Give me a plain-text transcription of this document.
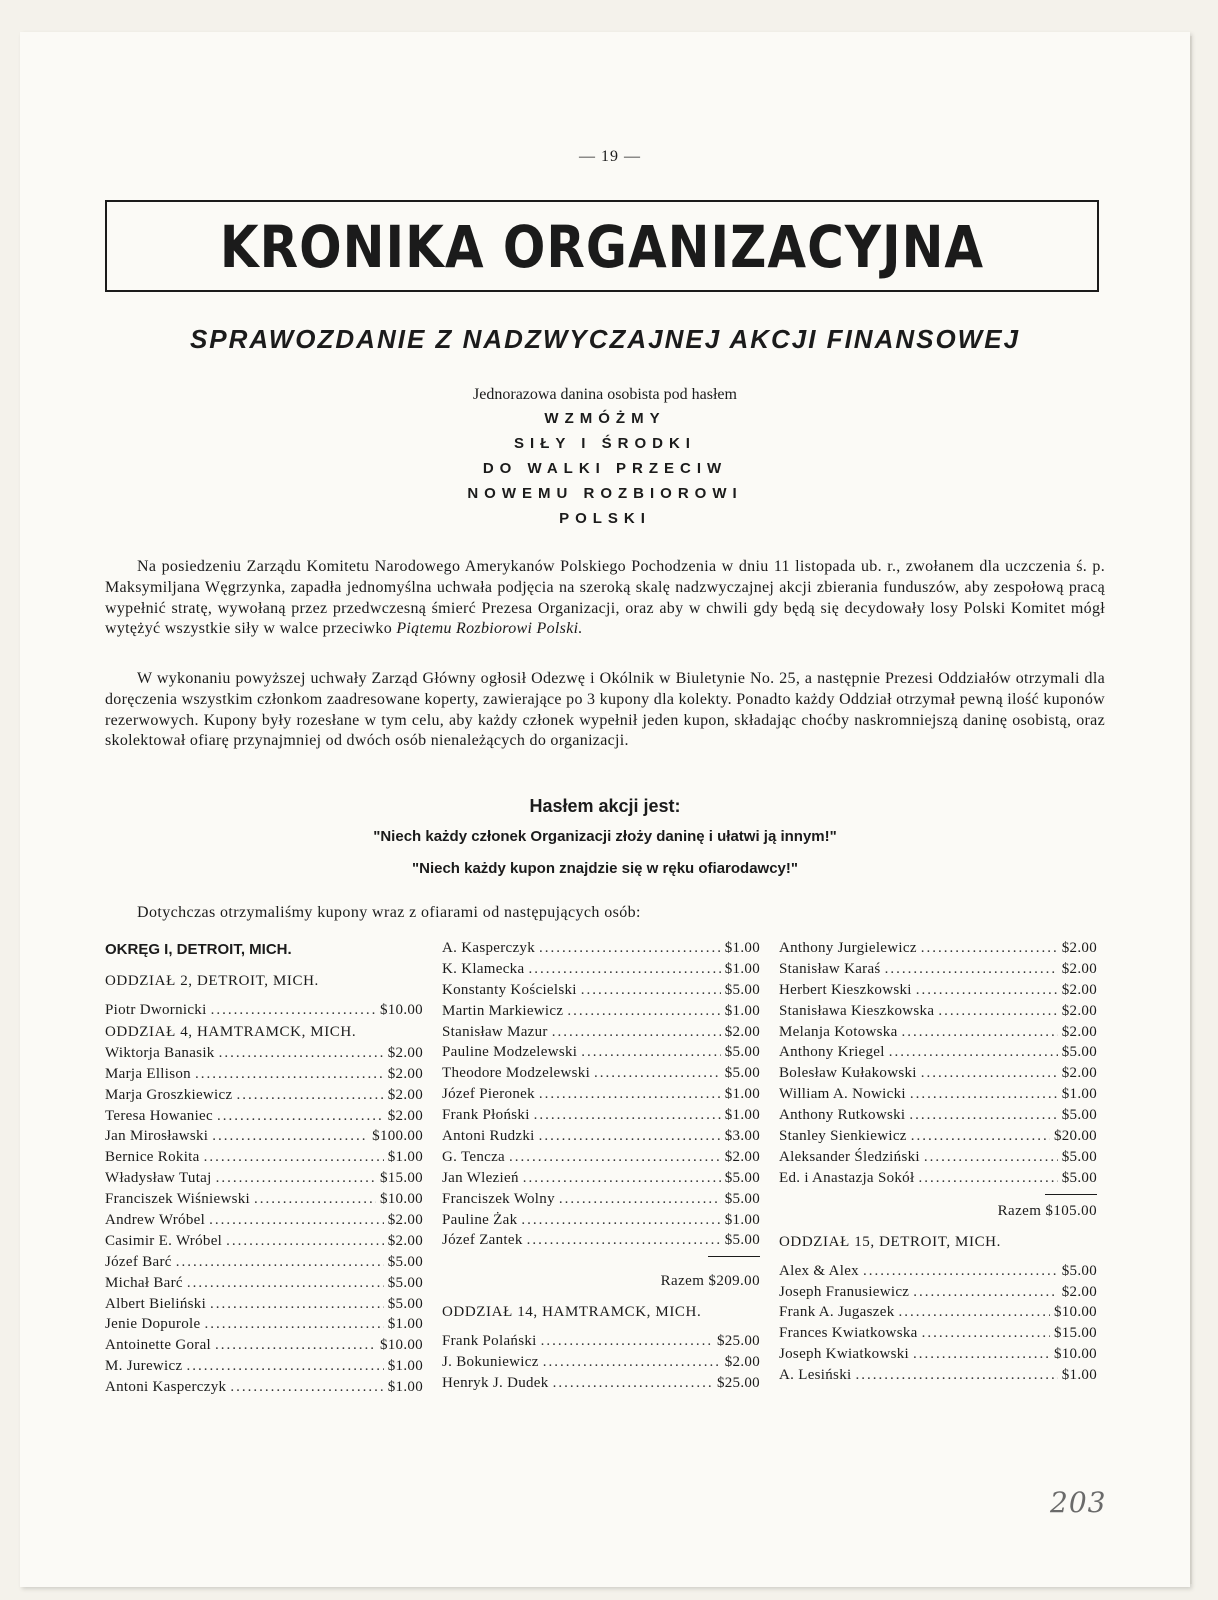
— 19 —
KRONIKA ORGANIZACYJNA
SPRAWOZDANIE Z NADZWYCZAJNEJ AKCJI FINANSOWEJ
Jednorazowa danina osobista pod hasłem
WZMÓŻMY
SIŁY I ŚRODKI
DO WALKI PRZECIW
NOWEMU ROZBIOROWI
POLSKI
Na posiedzeniu Zarządu Komitetu Narodowego Amerykanów Polskiego Pochodzenia w dniu 11 listopada ub. r., zwołanem dla uczczenia ś. p. Maksymiljana Węgrzynka, zapadła jednomyślna uchwała podjęcia na szeroką skalę nadzwyczajnej akcji zbierania funduszów, aby zespołową pracą wypełnić stratę, wywołaną przez przedwczesną śmierć Prezesa Organizacji, oraz aby w chwili gdy będą się decydowały losy Polski Komitet mógł wytężyć wszystkie siły w walce przeciwko Piątemu Rozbiorowi Polski.
W wykonaniu powyższej uchwały Zarząd Główny ogłosił Odezwę i Okólnik w Biuletynie No. 25, a następnie Prezesi Oddziałów otrzymali dla doręczenia wszystkim członkom zaadresowane koperty, zawierające po 3 kupony dla kolekty. Ponadto każdy Oddział otrzymał pewną ilość kuponów rezerwowych. Kupony były rozesłane w tym celu, aby każdy członek wypełnił jeden kupon, składając choćby naskromniejszą daninę osobistą, oraz skolektował ofiarę przynajmniej od dwóch osób nienależących do organizacji.
Hasłem akcji jest:
"Niech każdy członek Organizacji złoży daninę i ułatwi ją innym!"
"Niech każdy kupon znajdzie się w ręku ofiarodawcy!"
Dotychczas otrzymaliśmy kupony wraz z ofiarami od następujących osób:
OKRĘG I, DETROIT, MICH.
ODDZIAŁ 2, DETROIT, MICH.
Piotr Dwornicki .....	$10.00
ODDZIAŁ 4, HAMTRAMCK, MICH.
Wiktorja Banasik .....	$2.00
Marja Ellison .....	$2.00
Marja Groszkiewicz .....	$2.00
Teresa Howaniec .....	$2.00
Jan Mirosławski .....	$100.00
Bernice Rokita .....	$1.00
Władysław Tutaj .....	$15.00
Franciszek Wiśniewski .....	$10.00
Andrew Wróbel .....	$2.00
Casimir E. Wróbel .....	$2.00
Józef Barć .....	$5.00
Michał Barć .....	$5.00
Albert Bieliński .....	$5.00
Jenie Dopurole .....	$1.00
Antoinette Goral .....	$10.00
M. Jurewicz .....	$1.00
Antoni Kasperczyk .....	$1.00
A. Kasperczyk .....	$1.00
K. Klamecka .....	$1.00
Konstanty Kościelski .....	$5.00
Martin Markiewicz .....	$1.00
Stanisław Mazur .....	$2.00
Pauline Modzelewski .....	$5.00
Theodore Modzelewski .....	$5.00
Józef Pieronek .....	$1.00
Frank Płoński .....	$1.00
Antoni Rudzki .....	$3.00
G. Tencza .....	$2.00
Jan Wlezień .....	$5.00
Franciszek Wolny .....	$5.00
Pauline Żak .....	$1.00
Józef Zantek .....	$5.00
Razem $209.00
ODDZIAŁ 14, HAMTRAMCK, MICH.
Frank Polański .....	$25.00
J. Bokuniewicz .....	$2.00
Henryk J. Dudek .....	$25.00
Anthony Jurgielewicz .....	$2.00
Stanisław Karaś .....	$2.00
Herbert Kieszkowski .....	$2.00
Stanisława Kieszkowska .....	$2.00
Melanja Kotowska .....	$2.00
Anthony Kriegel .....	$5.00
Bolesław Kułakowski .....	$2.00
William A. Nowicki .....	$1.00
Anthony Rutkowski .....	$5.00
Stanley Sienkiewicz .....	$20.00
Aleksander Śledziński .....	$5.00
Ed. i Anastazja Sokół .....	$5.00
Razem $105.00
ODDZIAŁ 15, DETROIT, MICH.
Alex & Alex .....	$5.00
Joseph Franusiewicz .....	$2.00
Frank A. Jugaszek .....	$10.00
Frances Kwiatkowska .....	$15.00
Joseph Kwiatkowski .....	$10.00
A. Lesiński .....	$1.00
203
